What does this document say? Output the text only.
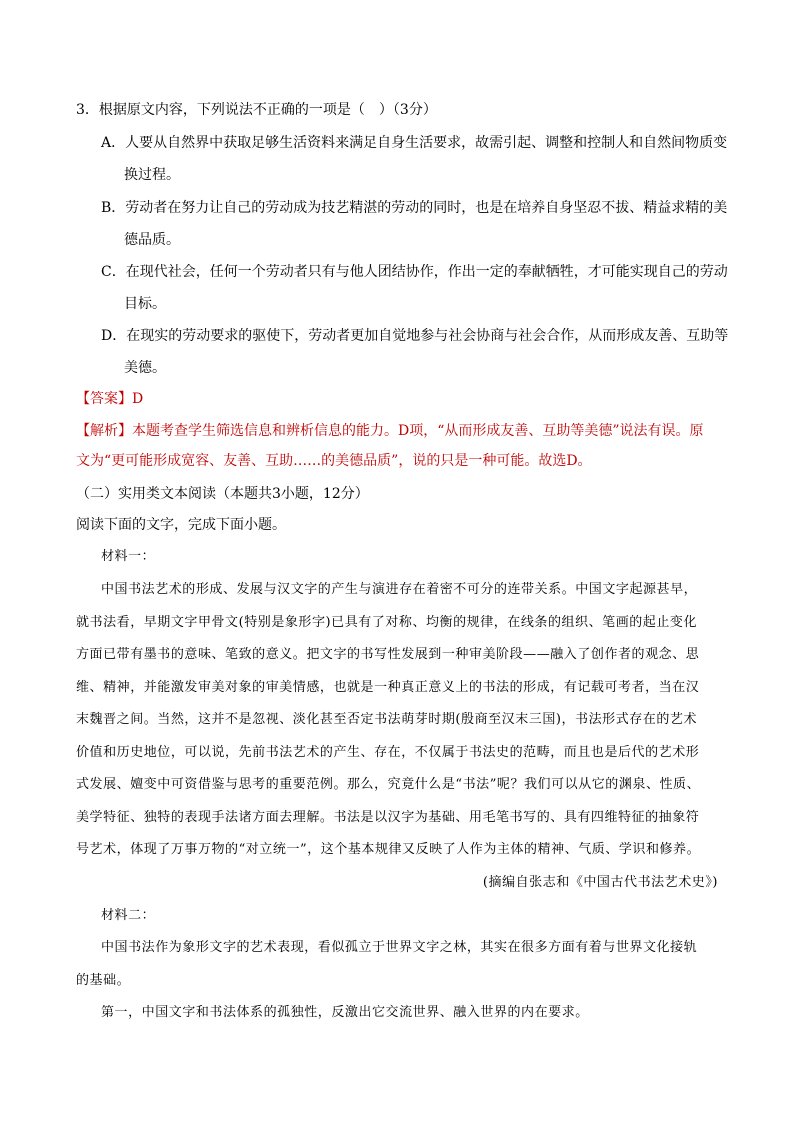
3．根据原文内容，下列说法不正确的一项是（　）（3分）
A．人要从自然界中获取足够生活资料来满足自身生活要求，故需引起、调整和控制人和自然间物质变
换过程。
B．劳动者在努力让自己的劳动成为技艺精湛的劳动的同时，也是在培养自身坚忍不拔、精益求精的美
德品质。
C．在现代社会，任何一个劳动者只有与他人团结协作，作出一定的奉献牺牲，才可能实现自己的劳动
目标。
D．在现实的劳动要求的驱使下，劳动者更加自觉地参与社会协商与社会合作，从而形成友善、互助等
美德。
【答案】D
【解析】本题考查学生筛选信息和辨析信息的能力。D项，“从而形成友善、互助等美德”说法有误。原
文为“更可能形成宽容、友善、互助……的美德品质”，说的只是一种可能。故选D。
（二）实用类文本阅读（本题共3小题，12分）
阅读下面的文字，完成下面小题。
材料一：
中国书法艺术的形成、发展与汉文字的产生与演进存在着密不可分的连带关系。中国文字起源甚早，
就书法看，早期文字甲骨文(特别是象形字)已具有了对称、均衡的规律，在线条的组织、笔画的起止变化
方面已带有墨书的意味、笔致的意义。把文字的书写性发展到一种审美阶段——融入了创作者的观念、思
维、精神，并能激发审美对象的审美情感，也就是一种真正意义上的书法的形成，有记载可考者，当在汉
末魏晋之间。当然，这并不是忽视、淡化甚至否定书法萌芽时期(殷商至汉末三国)，书法形式存在的艺术
价值和历史地位，可以说，先前书法艺术的产生、存在，不仅属于书法史的范畴，而且也是后代的艺术形
式发展、嬗变中可资借鉴与思考的重要范例。那么，究竟什么是“书法”呢？我们可以从它的渊泉、性质、
美学特征、独特的表现手法诸方面去理解。书法是以汉字为基础、用毛笔书写的、具有四维特征的抽象符
号艺术，体现了万事万物的“对立统一”，这个基本规律又反映了人作为主体的精神、气质、学识和修养。
(摘编自张志和《中国古代书法艺术史》)
材料二：
中国书法作为象形文字的艺术表现，看似孤立于世界文字之林，其实在很多方面有着与世界文化接轨
的基础。
第一，中国文字和书法体系的孤独性，反激出它交流世界、融入世界的内在要求。
